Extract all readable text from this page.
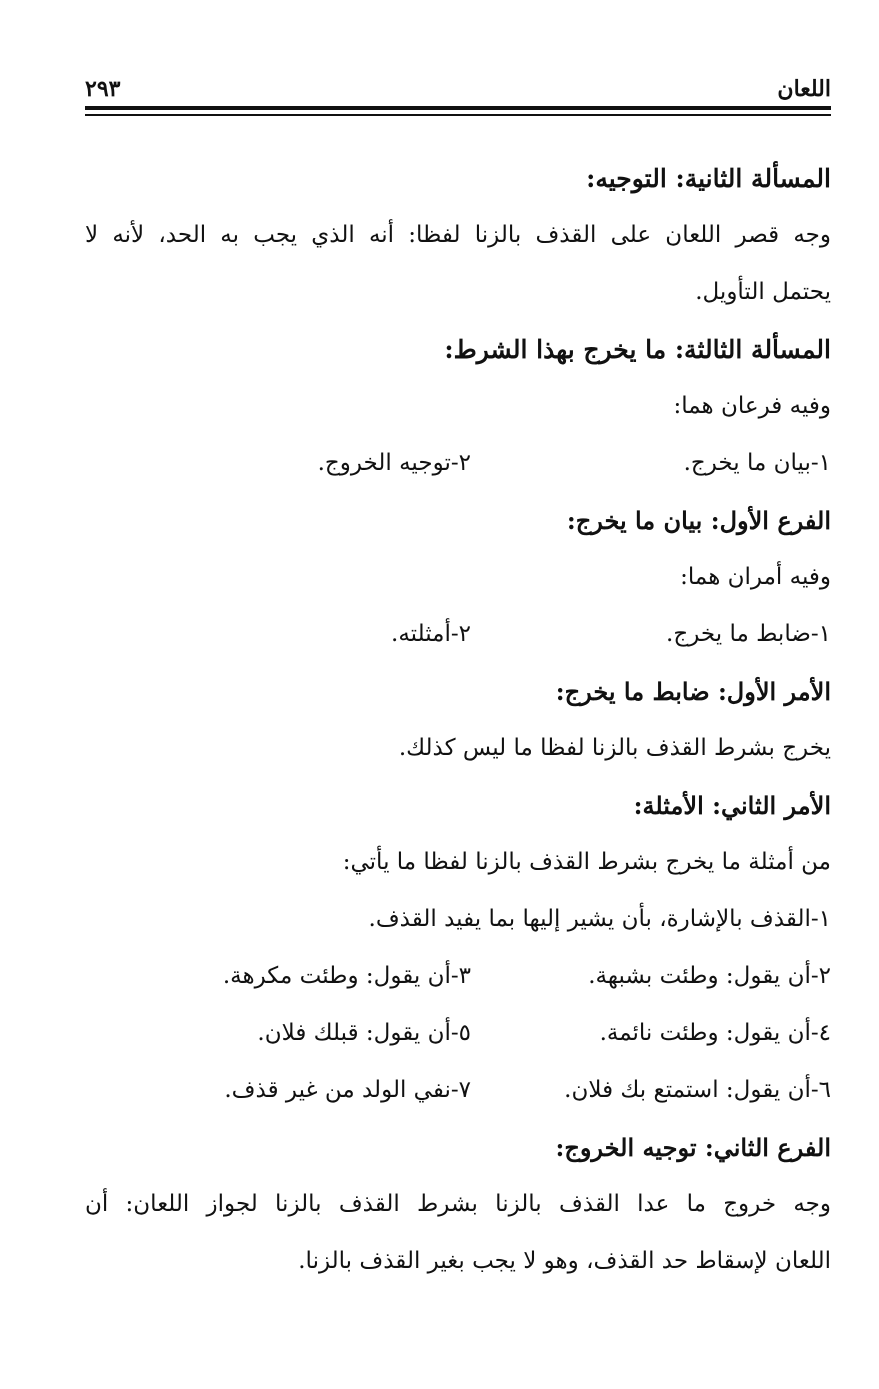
اللعان
٢٩٣
المسألة الثانية: التوجيه:
وجه قصر اللعان على القذف بالزنا لفظا: أنه الذي يجب به الحد، لأنه لا
يحتمل التأويل.
المسألة الثالثة: ما يخرج بهذا الشرط:
وفيه فرعان هما:
١-بيان ما يخرج.
٢-توجيه الخروج.
الفرع الأول: بيان ما يخرج:
وفيه أمران هما:
١-ضابط ما يخرج.
٢-أمثلته.
الأمر الأول: ضابط ما يخرج:
يخرج بشرط القذف بالزنا لفظا ما ليس كذلك.
الأمر الثاني: الأمثلة:
من أمثلة ما يخرج بشرط القذف بالزنا لفظا ما يأتي:
١-القذف بالإشارة، بأن يشير إليها بما يفيد القذف.
٢-أن يقول: وطئت بشبهة.
٣-أن يقول: وطئت مكرهة.
٤-أن يقول: وطئت نائمة.
٥-أن يقول: قبلك فلان.
٦-أن يقول: استمتع بك فلان.
٧-نفي الولد من غير قذف.
الفرع الثاني: توجيه الخروج:
وجه خروج ما عدا القذف بالزنا بشرط القذف بالزنا لجواز اللعان: أن
اللعان لإسقاط حد القذف، وهو لا يجب بغير القذف بالزنا.
